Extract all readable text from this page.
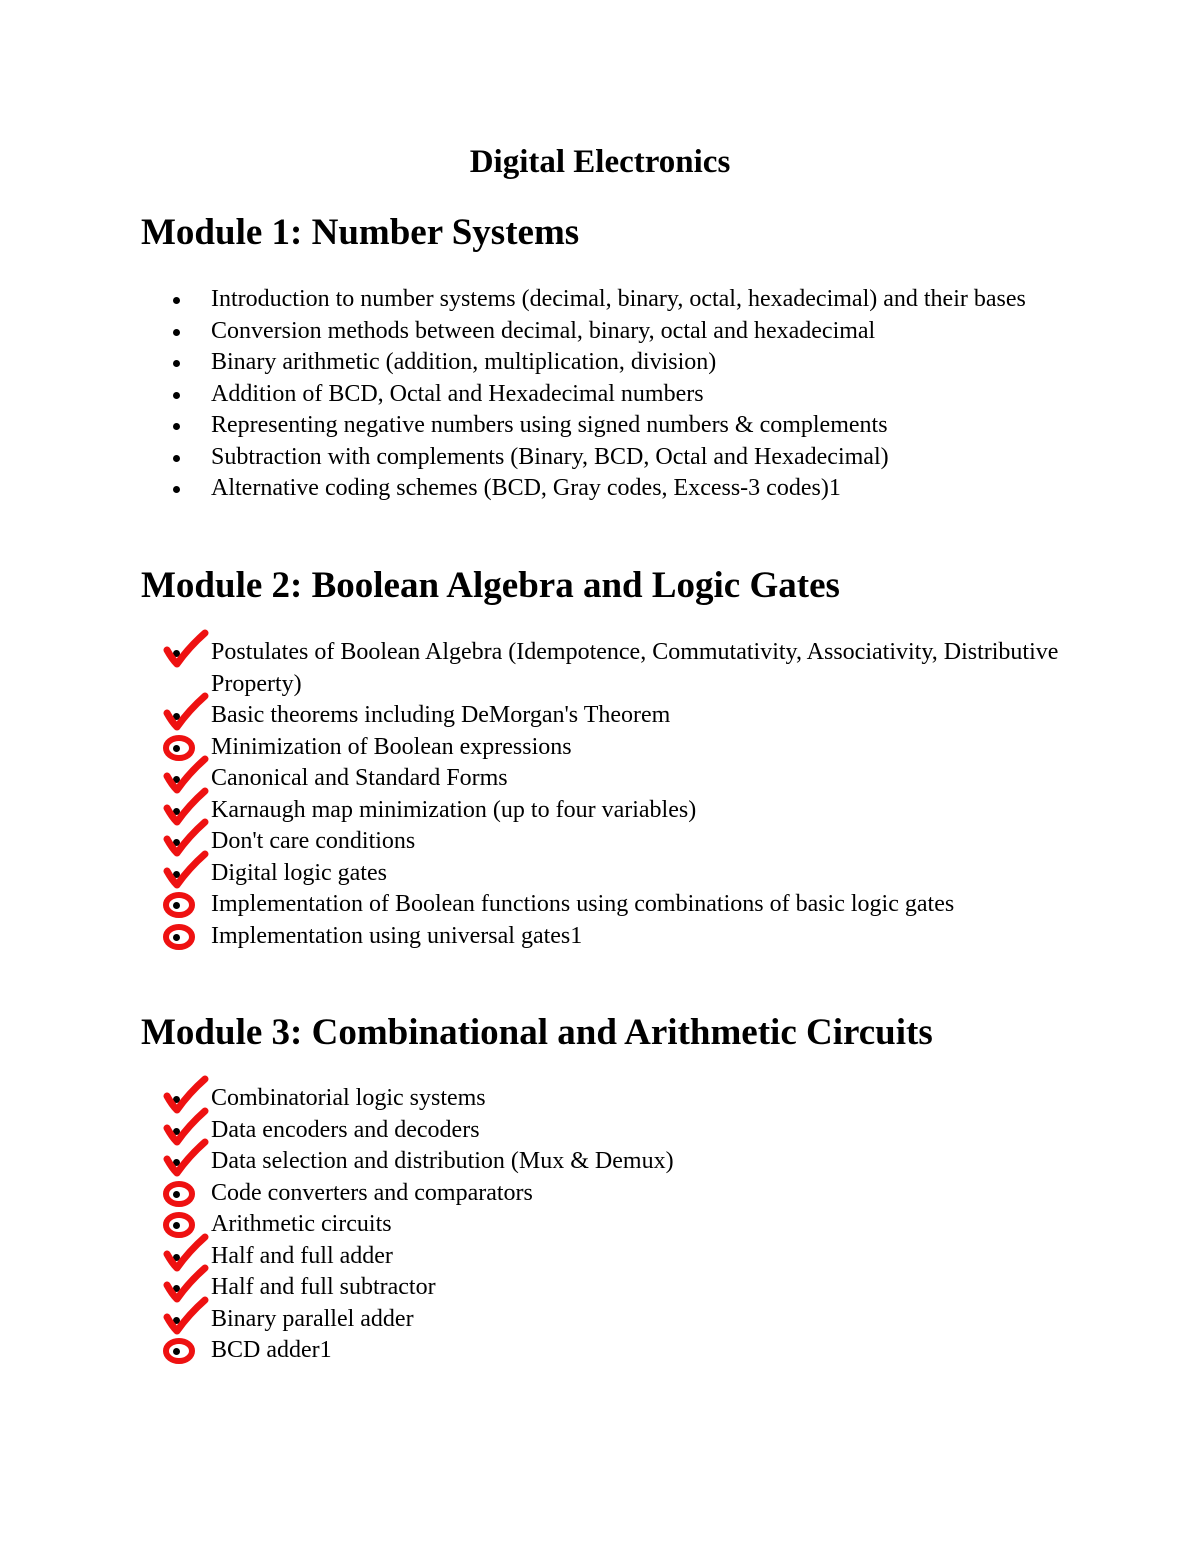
Digital Electronics
Module 1: Number Systems
Introduction to number systems (decimal, binary, octal, hexadecimal) and their bases
Conversion methods between decimal, binary, octal and hexadecimal
Binary arithmetic (addition, multiplication, division)
Addition of BCD, Octal and Hexadecimal numbers
Representing negative numbers using signed numbers & complements
Subtraction with complements (Binary, BCD, Octal and Hexadecimal)
Alternative coding schemes (BCD, Gray codes, Excess-3 codes)1
Module 2: Boolean Algebra and Logic Gates
Postulates of Boolean Algebra (Idempotence, Commutativity, Associativity, Distributive Property)
Basic theorems including DeMorgan's Theorem
Minimization of Boolean expressions
Canonical and Standard Forms
Karnaugh map minimization (up to four variables)
Don't care conditions
Digital logic gates
Implementation of Boolean functions using combinations of basic logic gates
Implementation using universal gates1
Module 3: Combinational and Arithmetic Circuits
Combinatorial logic systems
Data encoders and decoders
Data selection and distribution (Mux & Demux)
Code converters and comparators
Arithmetic circuits
Half and full adder
Half and full subtractor
Binary parallel adder
BCD adder1
